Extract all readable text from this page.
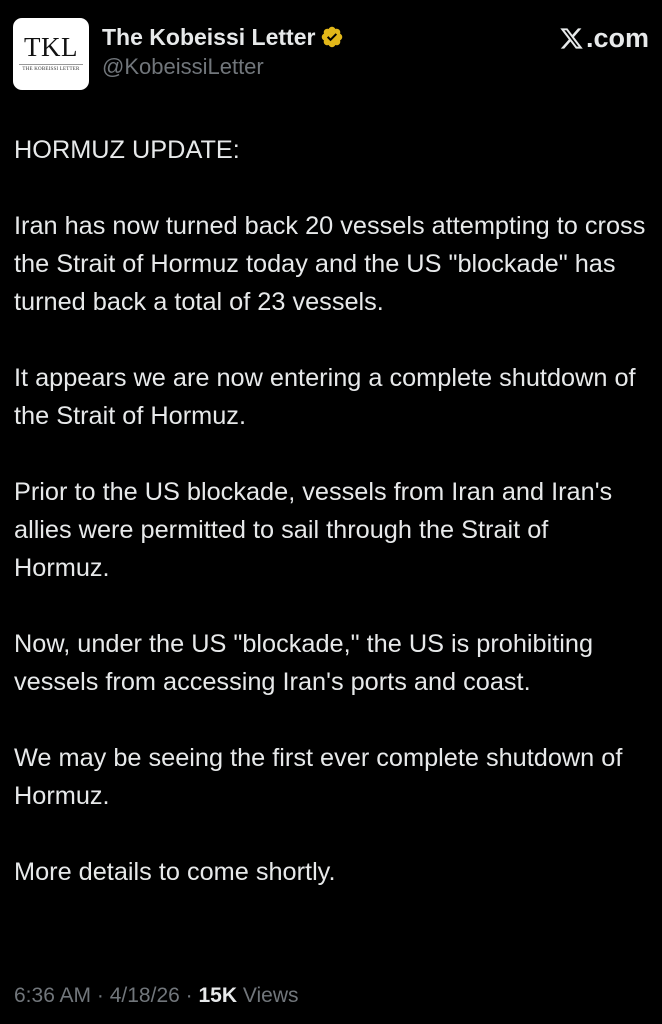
TKL
THE KOBEISSI LETTER
The Kobeissi Letter
@KobeissiLetter
.com

HORMUZ UPDATE:

Iran has now turned back 20 vessels attempting to cross the Strait of Hormuz today and the US "blockade" has turned back a total of 23 vessels.

It appears we are now entering a complete shutdown of the Strait of Hormuz.

Prior to the US blockade, vessels from Iran and Iran's allies were permitted to sail through the Strait of Hormuz.

Now, under the US "blockade," the US is prohibiting vessels from accessing Iran's ports and coast.

We may be seeing the first ever complete shutdown of Hormuz.

More details to come shortly.

6:36 AM · 4/18/26 · 15K Views
